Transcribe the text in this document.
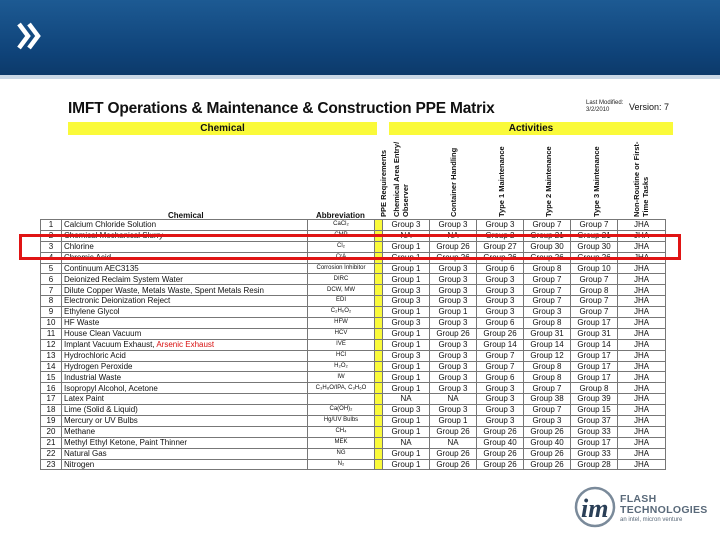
IMFT Operations & Maintenance & Construction PPE Matrix	Last Modified:
3/2/2010	Version: 7
Chemical	Activities
PPE Requirements
Chemical	Abbreviation	Chemical Area Entry/ Observer	Container Handling	Type 1 Maintenance	Type 2 Maintenance	Type 3 Maintenance	Non-Routine or First-Time Tasks
1	Calcium Chloride Solution	CaCl₂		Group 3	Group 3	Group 3	Group 7	Group 7	JHA
2	Chemical Mechanical Slurry	CMP		NA	NA	Group 2	Group 21	Group 21	JHA
3	Chlorine	Cl₂		Group 1	Group 26	Group 27	Group 30	Group 30	JHA
4	Chromic Acid	CrA		Group 1	Group 26	Group 26	Group 26	Group 26	JHA
5	Continuum AEC3135	Corrosion Inhibitor		Group 1	Group 3	Group 6	Group 8	Group 10	JHA
6	Deionized Reclaim System Water	DIRC		Group 1	Group 3	Group 3	Group 7	Group 7	JHA
7	Dilute Copper Waste, Metals Waste, Spent Metals Resin	DCW, MW		Group 3	Group 3	Group 3	Group 7	Group 8	JHA
8	Electronic Deionization Reject	EDI		Group 3	Group 3	Group 3	Group 7	Group 7	JHA
9	Ethylene Glycol	C₂H₆O₂		Group 1	Group 1	Group 3	Group 3	Group 7	JHA
10	HF Waste	HFW		Group 3	Group 3	Group 6	Group 8	Group 17	JHA
11	House Clean Vacuum	HCV		Group 1	Group 26	Group 26	Group 31	Group 31	JHA
12	Implant Vacuum Exhaust, Arsenic Exhaust	IVE		Group 1	Group 3	Group 14	Group 14	Group 14	JHA
13	Hydrochloric Acid	HCl		Group 3	Group 3	Group 7	Group 12	Group 17	JHA
14	Hydrogen Peroxide	H₂O₂		Group 1	Group 3	Group 7	Group 8	Group 17	JHA
15	Industrial Waste	IW		Group 1	Group 3	Group 6	Group 8	Group 17	JHA
16	Isopropyl Alcohol, Acetone	C₃H₈O/IPA, C₃H₆O		Group 1	Group 3	Group 3	Group 7	Group 8	JHA
17	Latex Paint			NA	NA	Group 3	Group 38	Group 39	JHA
18	Lime (Solid & Liquid)	Ca(OH)₂		Group 3	Group 3	Group 3	Group 7	Group 15	JHA
19	Mercury or UV Bulbs	Hg/UV Bulbs		Group 1	Group 1	Group 3	Group 3	Group 37	JHA
20	Methane	CH₄		Group 1	Group 26	Group 26	Group 26	Group 33	JHA
21	Methyl Ethyl Ketone, Paint Thinner	MEK		NA	NA	Group 40	Group 40	Group 17	JHA
22	Natural Gas	NG		Group 1	Group 26	Group 26	Group 26	Group 33	JHA
23	Nitrogen	N₂		Group 1	Group 26	Group 26	Group 26	Group 28	JHA
im FLASH
TECHNOLOGIES
an intel, micron venture
